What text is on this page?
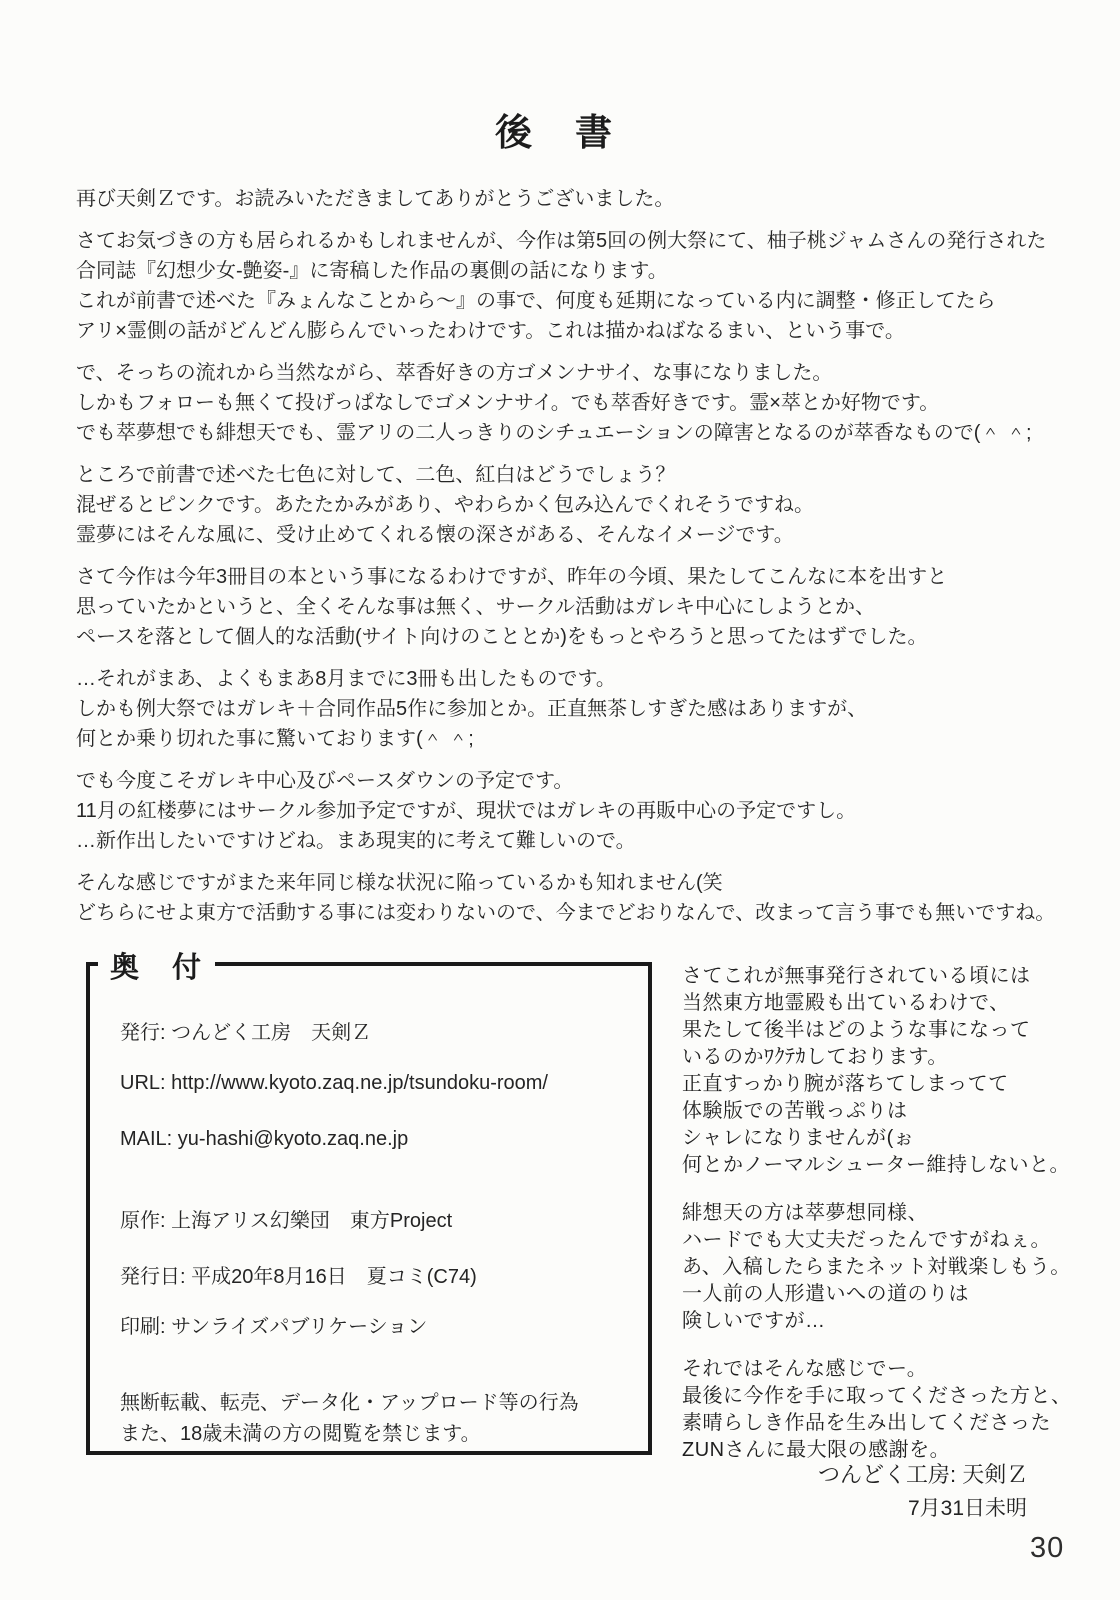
後　書

再び天剣Ｚです。お読みいただきましてありがとうございました。

さてお気づきの方も居られるかもしれませんが、今作は第5回の例大祭にて、柚子桃ジャムさんの発行された
合同誌『幻想少女-艶姿-』に寄稿した作品の裏側の話になります。
これが前書で述べた『みょんなことから～』の事で、何度も延期になっている内に調整・修正してたら
アリ×霊側の話がどんどん膨らんでいったわけです。これは描かねばなるまい、という事で。

で、そっちの流れから当然ながら、萃香好きの方ゴメンナサイ、な事になりました。
しかもフォローも無くて投げっぱなしでゴメンナサイ。でも萃香好きです。霊×萃とか好物です。
でも萃夢想でも緋想天でも、霊アリの二人っきりのシチュエーションの障害となるのが萃香なもので(＾ ＾;

ところで前書で述べた七色に対して、二色、紅白はどうでしょう？
混ぜるとピンクです。あたたかみがあり、やわらかく包み込んでくれそうですね。
霊夢にはそんな風に、受け止めてくれる懐の深さがある、そんなイメージです。

さて今作は今年3冊目の本という事になるわけですが、昨年の今頃、果たしてこんなに本を出すと
思っていたかというと、全くそんな事は無く、サークル活動はガレキ中心にしようとか、
ペースを落として個人的な活動(サイト向けのこととか)をもっとやろうと思ってたはずでした。

…それがまあ、よくもまあ8月までに3冊も出したものです。
しかも例大祭ではガレキ＋合同作品5作に参加とか。正直無茶しすぎた感はありますが、
何とか乗り切れた事に驚いております(＾ ＾;

でも今度こそガレキ中心及びペースダウンの予定です。
11月の紅楼夢にはサークル参加予定ですが、現状ではガレキの再販中心の予定ですし。
…新作出したいですけどね。まあ現実的に考えて難しいので。

そんな感じですがまた来年同じ様な状況に陥っているかも知れません(笑
どちらにせよ東方で活動する事には変わりないので、今までどおりなんで、改まって言う事でも無いですね。

奥　付
発行: つんどく工房　天剣Ｚ
URL: http://www.kyoto.zaq.ne.jp/tsundoku-room/
MAIL: yu-hashi@kyoto.zaq.ne.jp
原作: 上海アリス幻樂団　東方Project
発行日: 平成20年8月16日　夏コミ(C74)
印刷: サンライズパブリケーション
無断転載、転売、データ化・アップロード等の行為
また、18歳未満の方の閲覧を禁じます。

さてこれが無事発行されている頃には
当然東方地霊殿も出ているわけで、
果たして後半はどのような事になって
いるのかﾜｸﾃｶしております。
正直すっかり腕が落ちてしまってて
体験版での苦戦っぷりは
シャレになりませんが(ぉ
何とかノーマルシューター維持しないと。

緋想天の方は萃夢想同様、
ハードでも大丈夫だったんですがねぇ。
あ、入稿したらまたネット対戦楽しもう。
一人前の人形遣いへの道のりは
険しいですが…

それではそんな感じでー。
最後に今作を手に取ってくださった方と、
素晴らしき作品を生み出してくださった
ZUNさんに最大限の感謝を。

つんどく工房: 天剣Ｚ
7月31日未明
30
